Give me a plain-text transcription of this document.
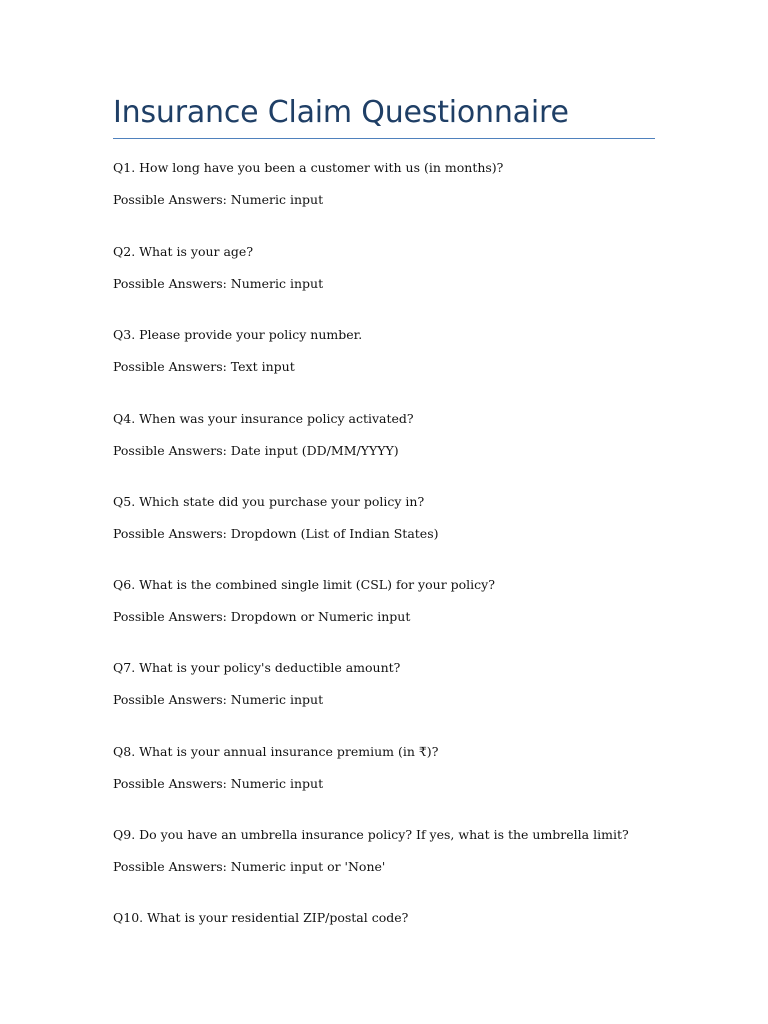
Insurance Claim Questionnaire

Q1. How long have you been a customer with us (in months)?

Possible Answers: Numeric input

Q2. What is your age?

Possible Answers: Numeric input

Q3. Please provide your policy number.

Possible Answers: Text input

Q4. When was your insurance policy activated?

Possible Answers: Date input (DD/MM/YYYY)

Q5. Which state did you purchase your policy in?

Possible Answers: Dropdown (List of Indian States)

Q6. What is the combined single limit (CSL) for your policy?

Possible Answers: Dropdown or Numeric input

Q7. What is your policy's deductible amount?

Possible Answers: Numeric input

Q8. What is your annual insurance premium (in ₹)?

Possible Answers: Numeric input

Q9. Do you have an umbrella insurance policy? If yes, what is the umbrella limit?

Possible Answers: Numeric input or 'None'

Q10. What is your residential ZIP/postal code?
